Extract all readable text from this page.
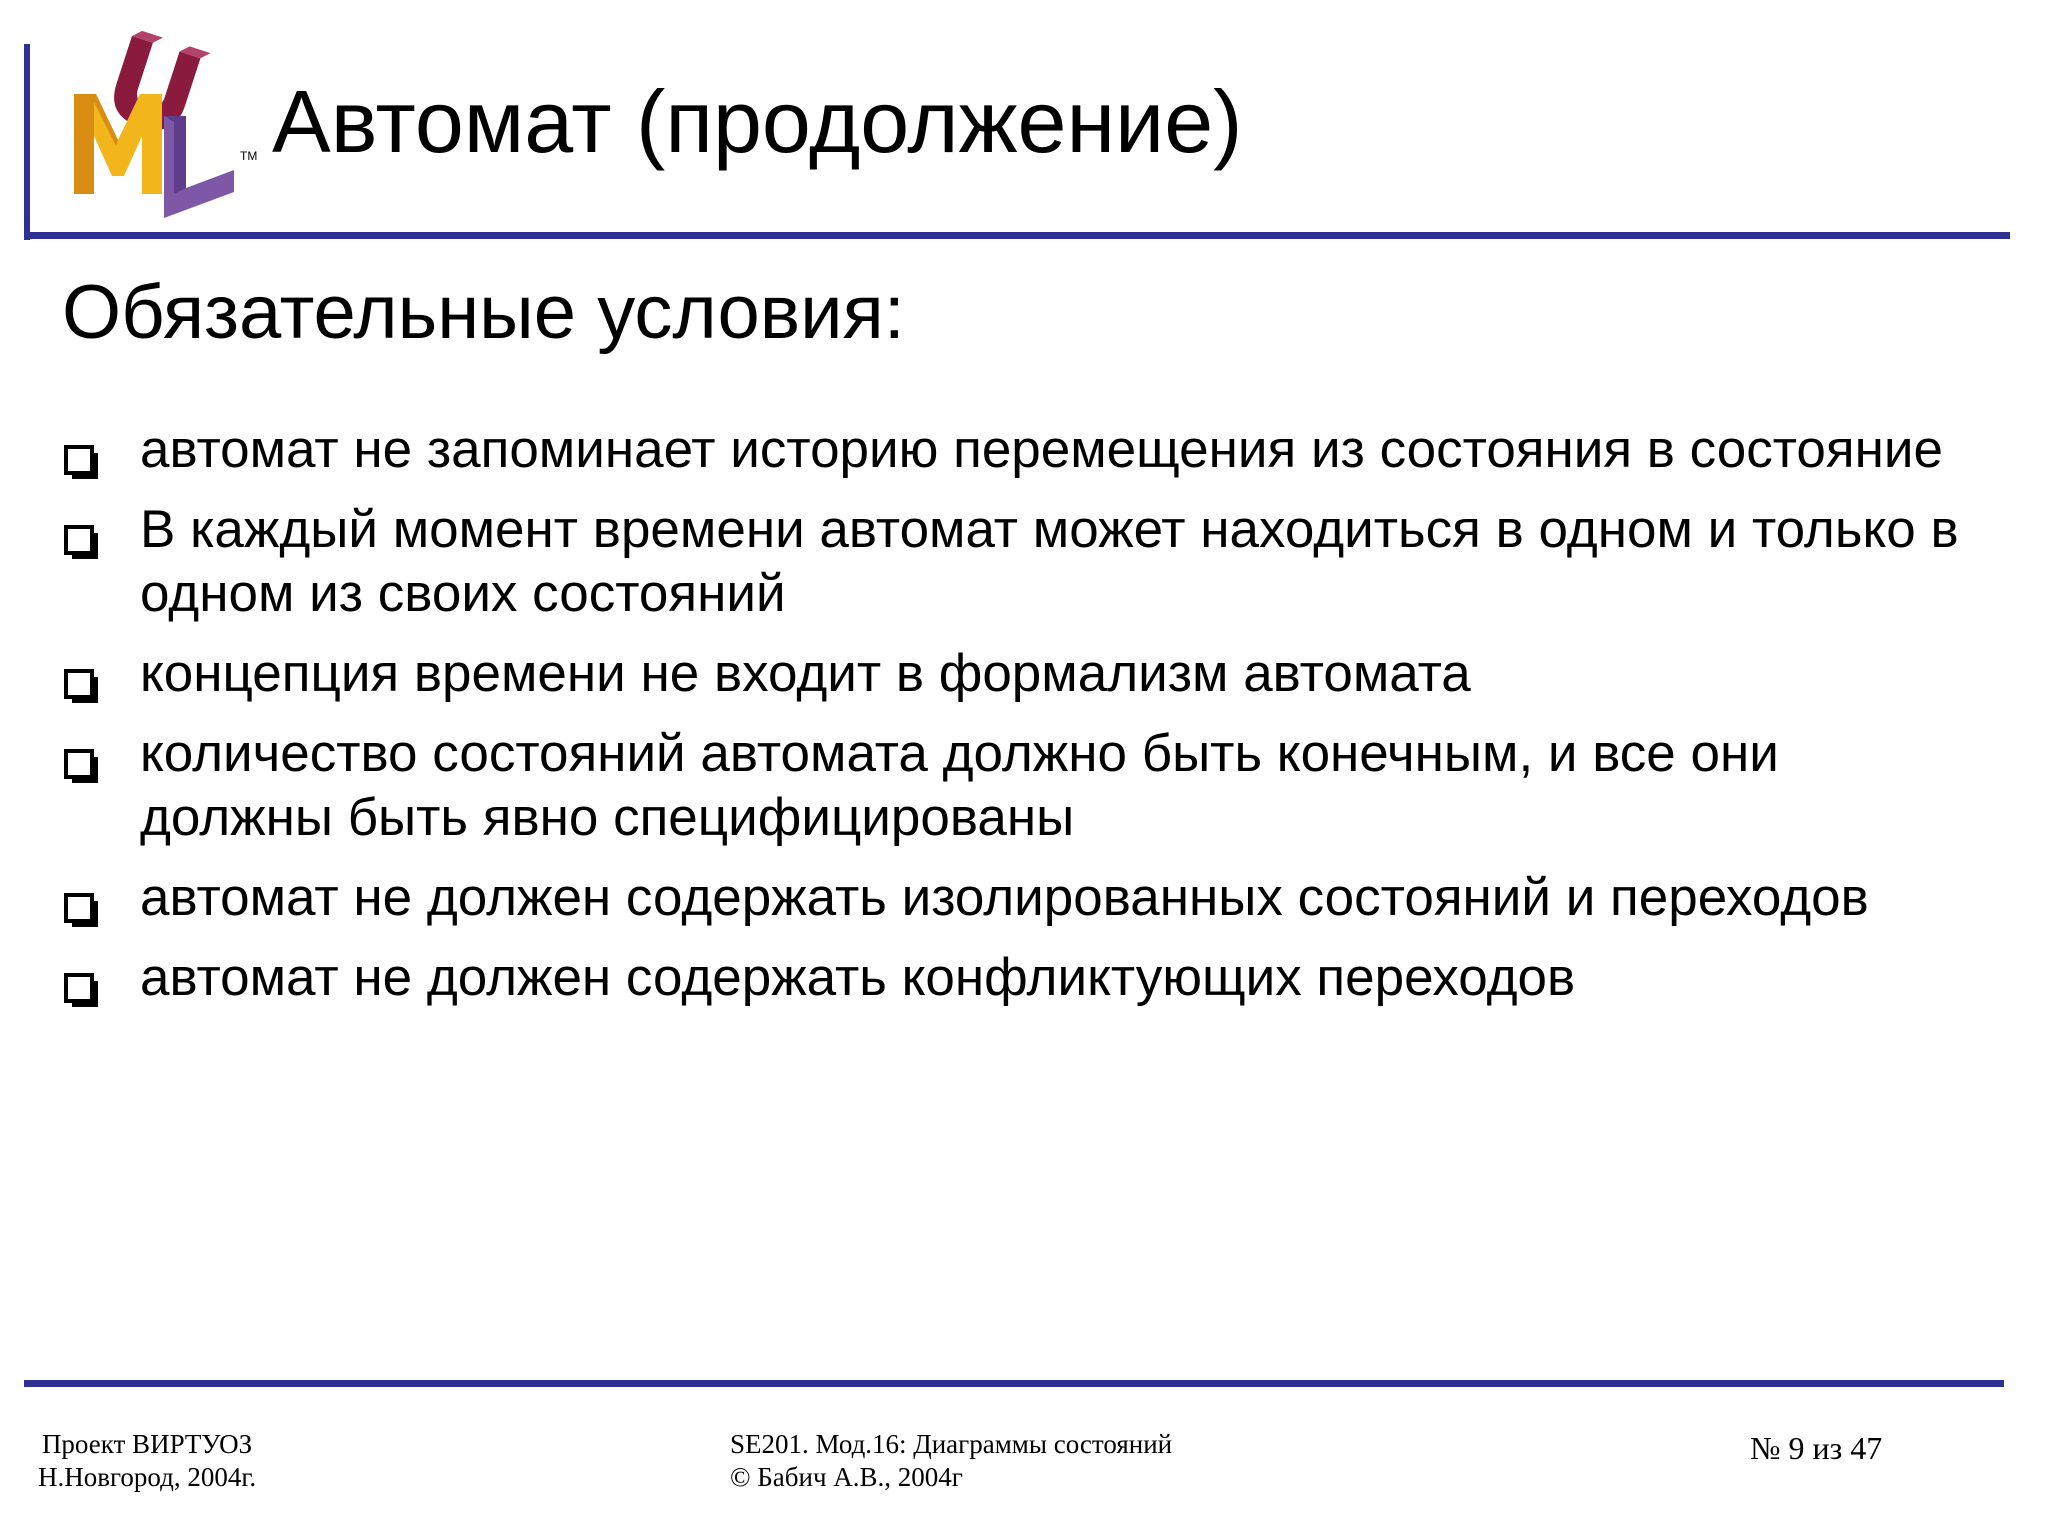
TM Автомат (продолжение)
Обязательные условия:
автомат не запоминает историю перемещения из состояния в состояние
В каждый момент времени автомат может находиться в одном и только в одном из своих состояний
концепция времени не входит в формализм автомата
количество состояний автомата должно быть конечным, и все они должны быть явно специфицированы
автомат не должен содержать изолированных состояний и переходов
автомат не должен содержать конфликтующих переходов
Проект ВИРТУОЗ
Н.Новгород, 2004г.
SE201. Мод.16: Диаграммы состояний
© Бабич А.В., 2004г
№ 9 из 47
